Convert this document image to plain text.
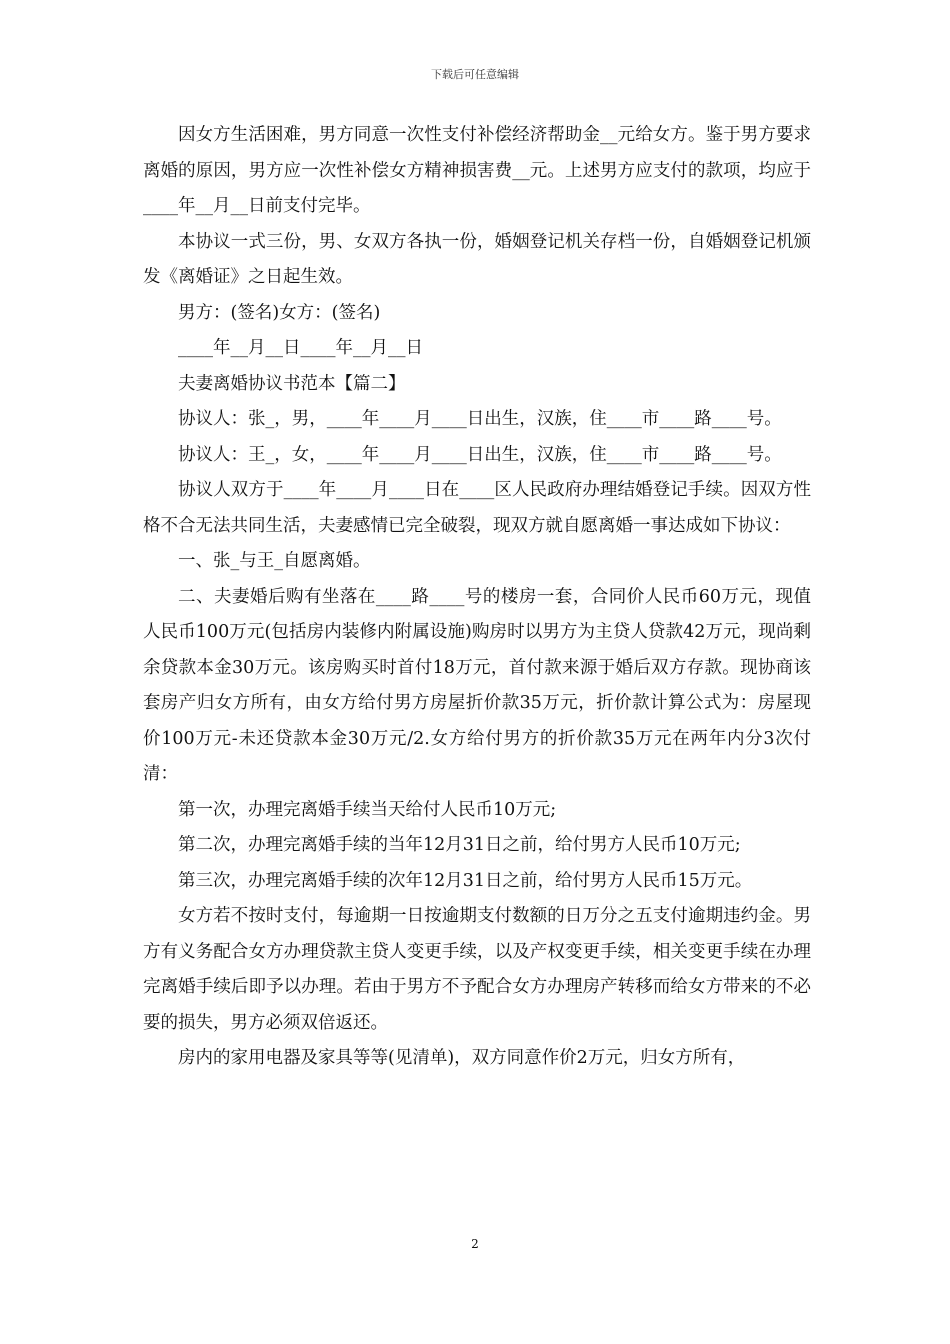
下载后可任意编辑

因女方生活困难，男方同意一次性支付补偿经济帮助金__元给女方。鉴于男方要求离婚的原因，男方应一次性补偿女方精神损害费__元。上述男方应支付的款项，均应于____年__月__日前支付完毕。

本协议一式三份，男、女双方各执一份，婚姻登记机关存档一份，自婚姻登记机颁发《离婚证》之日起生效。

男方：(签名)女方：(签名)

____年__月__日____年__月__日

夫妻离婚协议书范本【篇二】

协议人：张_，男，____年____月____日出生，汉族，住____市____路____号。

协议人：王_，女，____年____月____日出生，汉族，住____市____路____号。

协议人双方于____年____月____日在____区人民政府办理结婚登记手续。因双方性格不合无法共同生活，夫妻感情已完全破裂，现双方就自愿离婚一事达成如下协议：

一、张_与王_自愿离婚。

二、夫妻婚后购有坐落在____路____号的楼房一套，合同价人民币60万元，现值人民币100万元(包括房内装修内附属设施)购房时以男方为主贷人贷款42万元，现尚剩余贷款本金30万元。该房购买时首付18万元，首付款来源于婚后双方存款。现协商该套房产归女方所有，由女方给付男方房屋折价款35万元，折价款计算公式为：房屋现价100万元-未还贷款本金30万元/2.女方给付男方的折价款35万元在两年内分3次付清：

第一次，办理完离婚手续当天给付人民币10万元;

第二次，办理完离婚手续的当年12月31日之前，给付男方人民币10万元;

第三次，办理完离婚手续的次年12月31日之前，给付男方人民币15万元。

女方若不按时支付，每逾期一日按逾期支付数额的日万分之五支付逾期违约金。男方有义务配合女方办理贷款主贷人变更手续，以及产权变更手续，相关变更手续在办理完离婚手续后即予以办理。若由于男方不予配合女方办理房产转移而给女方带来的不必要的损失，男方必须双倍返还。

房内的家用电器及家具等等(见清单)，双方同意作价2万元，归女方所有，

2
